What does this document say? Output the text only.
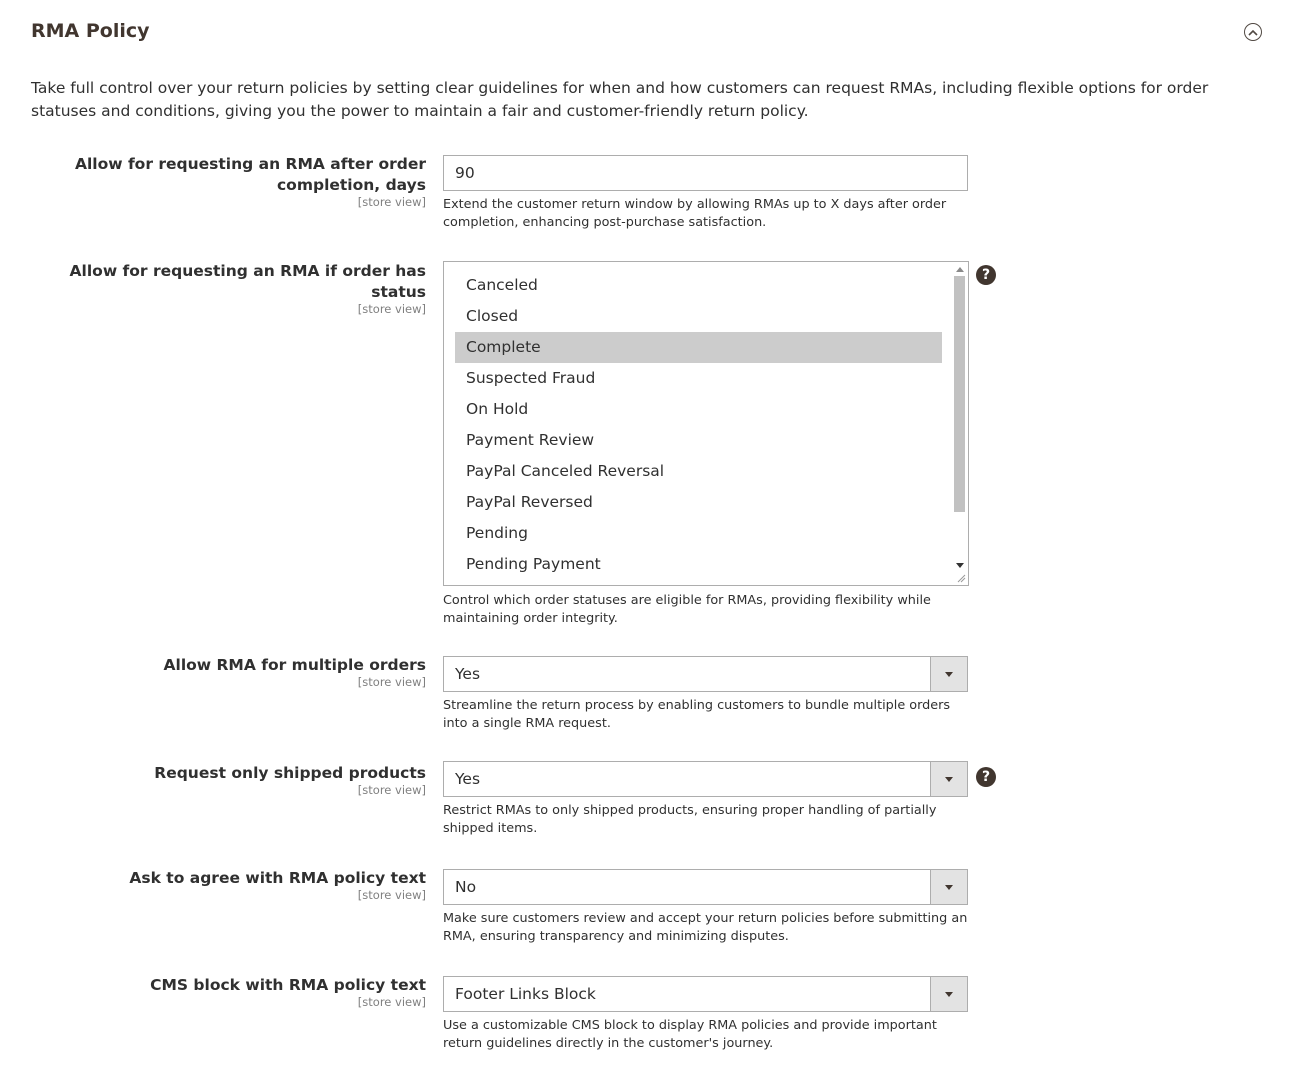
RMA Policy
Take full control over your return policies by setting clear guidelines for when and how customers can request RMAs, including flexible options for order statuses and conditions, giving you the power to maintain a fair and customer-friendly return policy.
Allow for requesting an RMA after order completion, days
[store view]
90 Extend the customer return window by allowing RMAs up to X days after order completion, enhancing post-purchase satisfaction.
Allow for requesting an RMA if order has status
[store view]
Canceled
Closed
Complete
Suspected Fraud
On Hold
Payment Review
PayPal Canceled Reversal
PayPal Reversed
Pending
Pending Payment
Control which order statuses are eligible for RMAs, providing flexibility while maintaining order integrity.
?
Allow RMA for multiple orders
[store view] Yes
Streamline the return process by enabling customers to bundle multiple orders into a single RMA request.
Request only shipped products
[store view]
Yes
Restrict RMAs to only shipped products, ensuring proper handling of partially shipped items.
?
Ask to agree with RMA policy text
[store view] No
Make sure customers review and accept your return policies before submitting an RMA, ensuring transparency and minimizing disputes.
CMS block with RMA policy text
[store view] Footer Links Block
Use a customizable CMS block to display RMA policies and provide important return guidelines directly in the customer's journey.
